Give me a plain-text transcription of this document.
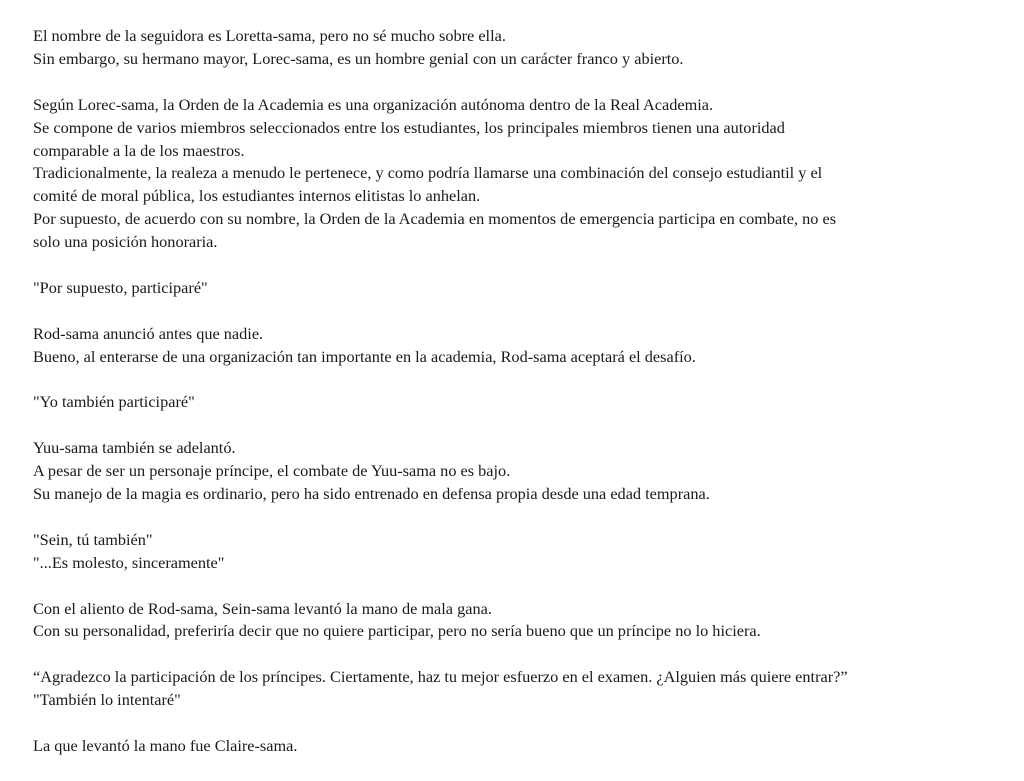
El nombre de la seguidora es Loretta-sama, pero no sé mucho sobre ella.
Sin embargo, su hermano mayor, Lorec-sama, es un hombre genial con un carácter franco y abierto.
Según Lorec-sama, la Orden de la Academia es una organización autónoma dentro de la Real Academia.
Se compone de varios miembros seleccionados entre los estudiantes, los principales miembros tienen una autoridad
comparable a la de los maestros.
Tradicionalmente, la realeza a menudo le pertenece, y como podría llamarse una combinación del consejo estudiantil y el
comité de moral pública, los estudiantes internos elitistas lo anhelan.
Por supuesto, de acuerdo con su nombre, la Orden de la Academia en momentos de emergencia participa en combate, no es
solo una posición honoraria.
"Por supuesto, participaré"
Rod-sama anunció antes que nadie.
Bueno, al enterarse de una organización tan importante en la academia, Rod-sama aceptará el desafío.
"Yo también participaré"
Yuu-sama también se adelantó.
A pesar de ser un personaje príncipe, el combate de Yuu-sama no es bajo.
Su manejo de la magia es ordinario, pero ha sido entrenado en defensa propia desde una edad temprana.
"Sein, tú también"
"...Es molesto, sinceramente"
Con el aliento de Rod-sama, Sein-sama levantó la mano de mala gana.
Con su personalidad, preferiría decir que no quiere participar, pero no sería bueno que un príncipe no lo hiciera.
“Agradezco la participación de los príncipes. Ciertamente, haz tu mejor esfuerzo en el examen. ¿Alguien más quiere entrar?”
"También lo intentaré"
La que levantó la mano fue Claire-sama.
